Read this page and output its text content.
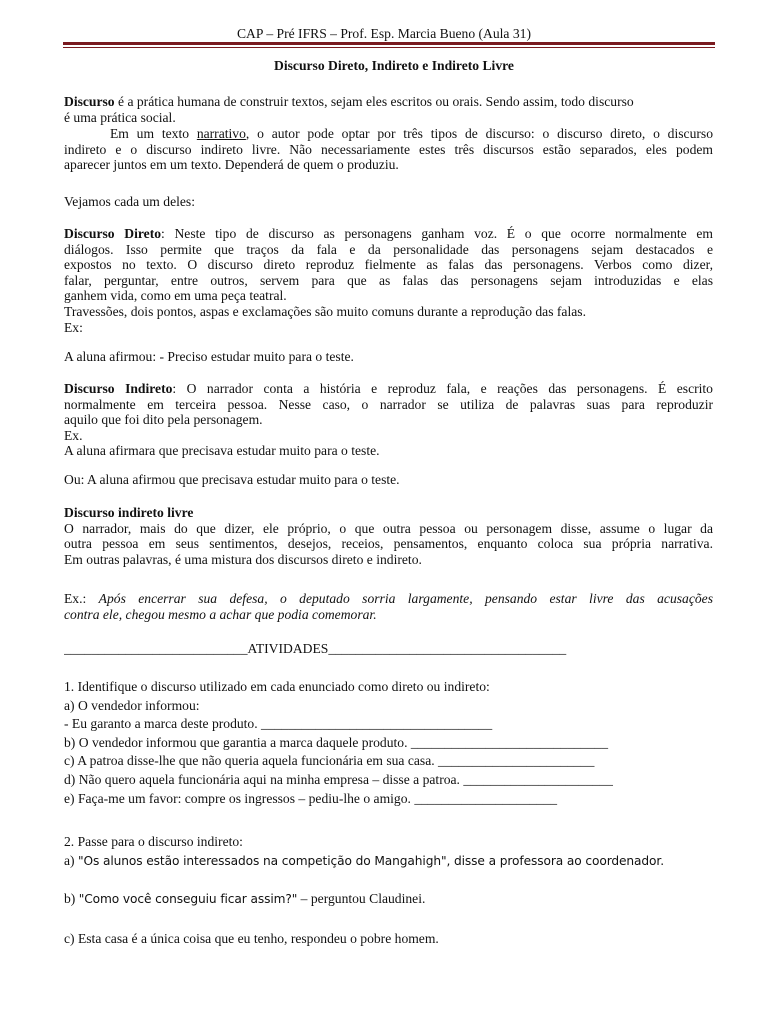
CAP – Pré IFRS – Prof. Esp. Marcia Bueno (Aula 31)
Discurso Direto, Indireto e Indireto Livre
Discurso é a prática humana de construir textos, sejam eles escritos ou orais. Sendo assim, todo discurso
é uma prática social.
Em um texto narrativo, o autor pode optar por três tipos de discurso: o discurso direto, o discurso
indireto e o discurso indireto livre. Não necessariamente estes três discursos estão separados, eles podem
aparecer juntos em um texto. Dependerá de quem o produziu.
Vejamos cada um deles:
Discurso Direto: Neste tipo de discurso as personagens ganham voz. É o que ocorre normalmente em
diálogos. Isso permite que traços da fala e da personalidade das personagens sejam destacados e
expostos no texto. O discurso direto reproduz fielmente as falas das personagens. Verbos como dizer,
falar, perguntar, entre outros, servem para que as falas das personagens sejam introduzidas e elas
ganhem vida, como em uma peça teatral.
Travessões, dois pontos, aspas e exclamações são muito comuns durante a reprodução das falas.
Ex:
A aluna afirmou: - Preciso estudar muito para o teste.
Discurso Indireto: O narrador conta a história e reproduz fala, e reações das personagens. É escrito
normalmente em terceira pessoa. Nesse caso, o narrador se utiliza de palavras suas para reproduzir
aquilo que foi dito pela personagem.
Ex.
A aluna afirmara que precisava estudar muito para o teste.
Ou: A aluna afirmou que precisava estudar muito para o teste.
Discurso indireto livre
O narrador, mais do que dizer, ele próprio, o que outra pessoa ou personagem disse, assume o lugar da
outra pessoa em seus sentimentos, desejos, receios, pensamentos, enquanto coloca sua própria narrativa.
Em outras palavras, é uma mistura dos discursos direto e indireto.
Ex.: Após encerrar sua defesa, o deputado sorria largamente, pensando estar livre das acusações
contra ele, chegou mesmo a achar que podia comemorar.
___________________________ATIVIDADES___________________________________
1. Identifique o discurso utilizado em cada enunciado como direto ou indireto:
a) O vendedor informou:
- Eu garanto a marca deste produto. __________________________________
b) O vendedor informou que garantia a marca daquele produto. _____________________________
c) A patroa disse-lhe que não queria aquela funcionária em sua casa. _______________________
d) Não quero aquela funcionária aqui na minha empresa – disse a patroa. ______________________
e) Faça-me um favor: compre os ingressos – pediu-lhe o amigo. _____________________
2. Passe para o discurso indireto:
a) "Os alunos estão interessados na competição do Mangahigh", disse a professora ao coordenador.
b) "Como você conseguiu ficar assim?" – perguntou Claudinei.
c) Esta casa é a única coisa que eu tenho, respondeu o pobre homem.
